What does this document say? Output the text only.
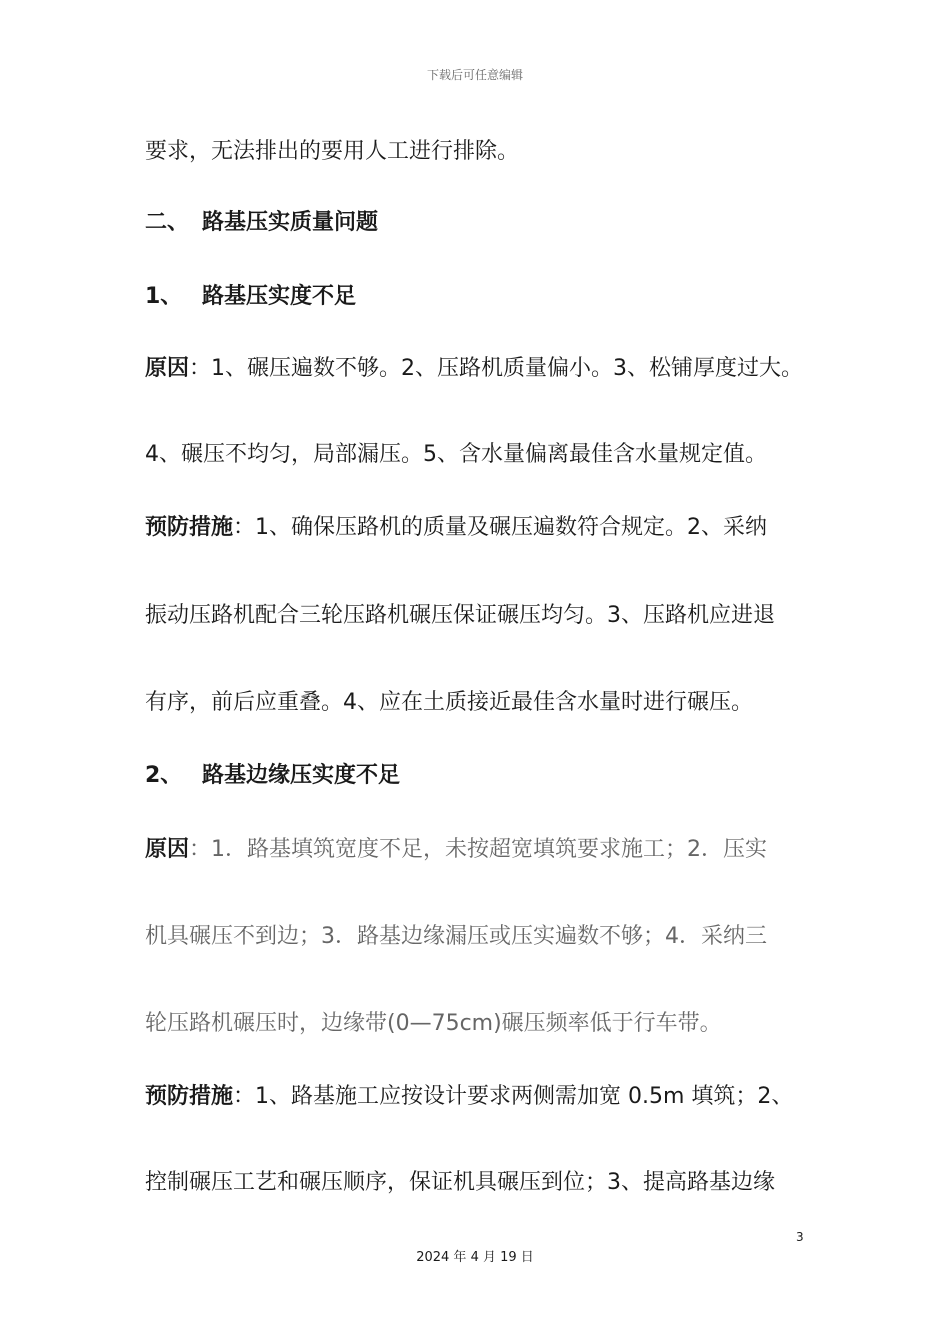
下载后可任意编辑
要求，无法排出的要用人工进行排除。
二、 路基压实质量问题
1、 路基压实度不足
原因：1、碾压遍数不够。2、压路机质量偏小。3、松铺厚度过大。
4、碾压不均匀，局部漏压。5、含水量偏离最佳含水量规定值。
预防措施：1、确保压路机的质量及碾压遍数符合规定。2、采纳
振动压路机配合三轮压路机碾压保证碾压均匀。3、压路机应进退
有序，前后应重叠。4、应在土质接近最佳含水量时进行碾压。
2、 路基边缘压实度不足
原因：1．路基填筑宽度不足，未按超宽填筑要求施工；2．压实
机具碾压不到边；3．路基边缘漏压或压实遍数不够；4．采纳三
轮压路机碾压时，边缘带(0—75cm)碾压频率低于行车带。
预防措施：1、路基施工应按设计要求两侧需加宽 0.5m 填筑；2、
控制碾压工艺和碾压顺序，保证机具碾压到位；3、提高路基边缘
3
2024 年 4 月 19 日
